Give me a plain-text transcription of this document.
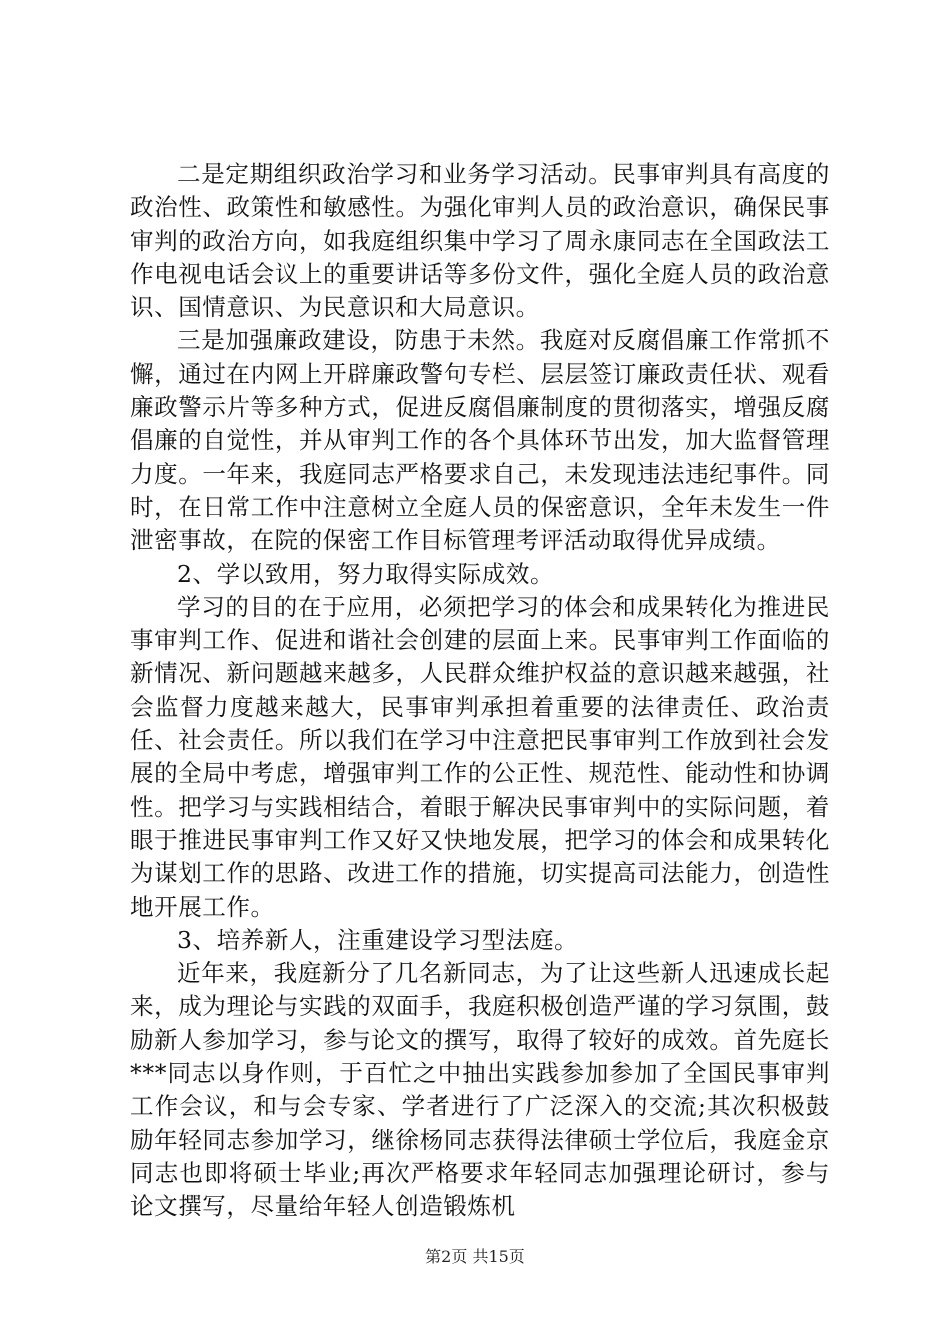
二是定期组织政治学习和业务学习活动。民事审判具有高度的政治性、政策性和敏感性。为强化审判人员的政治意识，确保民事审判的政治方向，如我庭组织集中学习了周永康同志在全国政法工作电视电话会议上的重要讲话等多份文件，强化全庭人员的政治意识、国情意识、为民意识和大局意识。

三是加强廉政建设，防患于未然。我庭对反腐倡廉工作常抓不懈，通过在内网上开辟廉政警句专栏、层层签订廉政责任状、观看廉政警示片等多种方式，促进反腐倡廉制度的贯彻落实，增强反腐倡廉的自觉性，并从审判工作的各个具体环节出发，加大监督管理力度。一年来，我庭同志严格要求自己，未发现违法违纪事件。同时，在日常工作中注意树立全庭人员的保密意识，全年未发生一件泄密事故，在院的保密工作目标管理考评活动取得优异成绩。

2、学以致用，努力取得实际成效。

学习的目的在于应用，必须把学习的体会和成果转化为推进民事审判工作、促进和谐社会创建的层面上来。民事审判工作面临的新情况、新问题越来越多，人民群众维护权益的意识越来越强，社会监督力度越来越大，民事审判承担着重要的法律责任、政治责任、社会责任。所以我们在学习中注意把民事审判工作放到社会发展的全局中考虑，增强审判工作的公正性、规范性、能动性和协调性。把学习与实践相结合，着眼于解决民事审判中的实际问题，着眼于推进民事审判工作又好又快地发展，把学习的体会和成果转化为谋划工作的思路、改进工作的措施，切实提高司法能力，创造性地开展工作。

3、培养新人，注重建设学习型法庭。

近年来，我庭新分了几名新同志，为了让这些新人迅速成长起来，成为理论与实践的双面手，我庭积极创造严谨的学习氛围，鼓励新人参加学习，参与论文的撰写，取得了较好的成效。首先庭长***同志以身作则，于百忙之中抽出实践参加参加了全国民事审判工作会议，和与会专家、学者进行了广泛深入的交流;其次积极鼓励年轻同志参加学习，继徐杨同志获得法律硕士学位后，我庭金京同志也即将硕士毕业;再次严格要求年轻同志加强理论研讨，参与论文撰写，尽量给年轻人创造锻炼机

第2页 共15页
